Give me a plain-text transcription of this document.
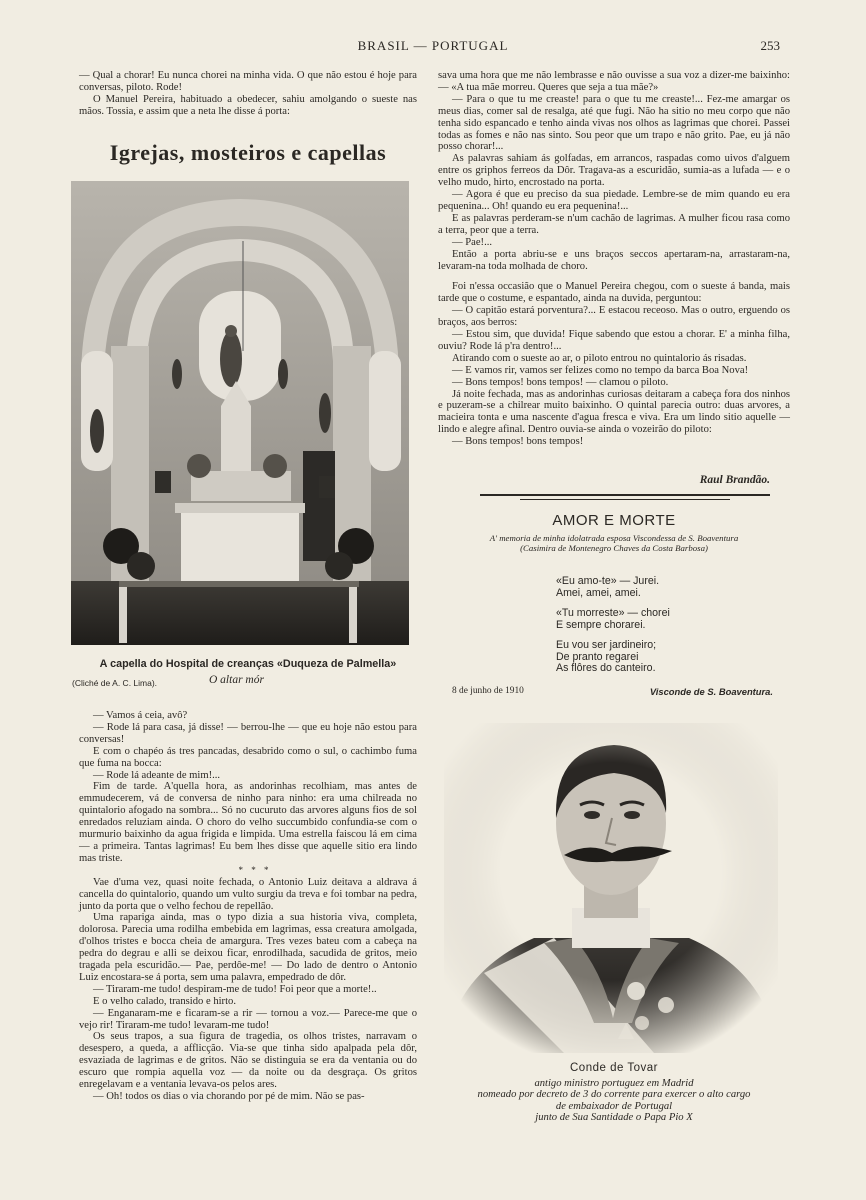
BRASIL — PORTUGAL	253

— Qual a chorar! Eu nunca chorei na minha vida. O que não estou é hoje para conversas, piloto. Rode!

O Manuel Pereira, habituado a obedecer, sahiu amolgando o sueste nas mãos. Tossia, e assim que a neta lhe disse á porta:

Igrejas, mosteiros e capellas
A capella do Hospital de creanças «Duqueza de Palmella»
(Cliché de A. C. Lima).	O altar mór

— Vamos á ceia, avô?

— Rode lá para casa, já disse! — berrou-lhe — que eu hoje não estou para conversas!

E com o chapéo ás tres pancadas, desabrido como o sul, o cachimbo fuma que fuma na bocca:

— Rode lá adeante de mim!...

Fim de tarde. A'quella hora, as andorinhas recolhiam, mas antes de emmudecerem, vá de conversa de ninho para ninho: era uma chilreada no quintalorio afogado na sombra... Só no cucuruto das arvores alguns fios de sol enredados reluziam ainda. O choro do velho succumbido confundia-se com o murmurio baixinho da agua frigida e limpida. Uma estrella faiscou lá em cima — a primeira. Tantas lagrimas! Eu bem lhes disse que aquelle sitio era lindo mas triste.

* * *

Vae d'uma vez, quasi noite fechada, o Antonio Luiz deitava a aldrava á cancella do quintalorio, quando um vulto surgiu da treva e foi tombar na pedra, junto da porta que o velho fechou de repellão.

Uma rapariga ainda, mas o typo dizia a sua historia viva, completa, dolorosa. Parecia uma rodilha embebida em lagrimas, essa creatura amolgada, d'olhos tristes e bocca cheia de amargura. Tres vezes bateu com a cabeça na pedra do degrau e alli se deixou ficar, enrodilhada, sacudida de gritos, meio tragada pela escuridão.— Pae, perdôe-me! — Do lado de dentro o Antonio Luiz encostara-se á porta, sem uma palavra, empedrado de dôr.

— Tiraram-me tudo! despiram-me de tudo! Foi peor que a morte!..

E o velho calado, transido e hirto.

— Enganaram-me e ficaram-se a rir — tornou a voz.— Parece-me que o vejo rir! Tiraram-me tudo! levaram-me tudo!

Os seus trapos, a sua figura de tragedia, os olhos tristes, narravam o desespero, a queda, a afflicção. Via-se que tinha sido apalpada pela dôr, esvaziada de lagrimas e de gritos. Não se distinguia se era da ventania ou do escuro que rompia aquella voz — da noite ou da desgraça. Os gritos enregelavam e a ventania levava-os pelos ares.

— Oh! todos os dias o via chorando por pé de mim. Não se pas-

sava uma hora que me não lembrasse e não ouvisse a sua voz a dizer-me baixinho: — «A tua mãe morreu. Queres que seja a tua mãe?»

— Para o que tu me creaste! para o que tu me creaste!... Fez-me amargar os meus dias, comer sal de resalga, até que fugi. Não ha sitio no meu corpo que não tenha sido espancado e tenho ainda vivas nos olhos as lagrimas que chorei. Passei todas as fomes e não nas sinto. Sou peor que um trapo e não grito. Pae, eu já não posso chorar!...

As palavras sahiam ás golfadas, em arrancos, raspadas como uivos d'alguem entre os griphos ferreos da Dôr. Tragava-as a escuridão, sumia-as a lufada — e o velho mudo, hirto, encrostado na porta.

— Agora é que eu preciso da sua piedade. Lembre-se de mim quando eu era pequenina... Oh! quando eu era pequenina!...

E as palavras perderam-se n'um cachão de lagrimas. A mulher ficou rasa como a terra, peor que a terra.

— Pae!...

Então a porta abriu-se e uns braços seccos apertaram-na, arrastaram-na, levaram-na toda molhada de choro.

Foi n'essa occasião que o Manuel Pereira chegou, com o sueste á banda, mais tarde que o costume, e espantado, ainda na duvida, perguntou:

— O capitão estará porventura?... E estacou receoso. Mas o outro, erguendo os braços, aos berros:

— Estou sim, que duvida! Fique sabendo que estou a chorar. E' a minha filha, ouviu? Rode lá p'ra dentro!...

Atirando com o sueste ao ar, o piloto entrou no quintalorio ás risadas.

— E vamos rir, vamos ser felizes como no tempo da barca Boa Nova!

— Bons tempos! bons tempos! — clamou o piloto.

Já noite fechada, mas as andorinhas curiosas deitaram a cabeça fora dos ninhos e puzeram-se a chilrear muito baixinho. O quintal parecia outro: duas arvores, a macieira tonta e uma nascente d'agua fresca e viva. Era um lindo sitio aquelle — lindo e alegre afinal. Dentro ouvia-se ainda o vozeirão do piloto:

— Bons tempos! bons tempos!

Raul Brandão.
AMOR E MORTE
A' memoria de minha idolatrada esposa Viscondessa de S. Boaventura
(Casimira de Montenegro Chaves da Costa Barbosa)
«Eu amo-te» — Jurei.
Amei, amei, amei.
«Tu morreste» — chorei
E sempre chorarei.
Eu vou ser jardineiro;
De pranto regarei
As flôres do canteiro.
8 de junho de 1910	Visconde de S. Boaventura.
Conde de Tovar
antigo ministro portuguez em Madrid
nomeado por decreto de 3 do corrente para exercer o alto cargo
de embaixador de Portugal
junto de Sua Santidade o Papa Pio X
